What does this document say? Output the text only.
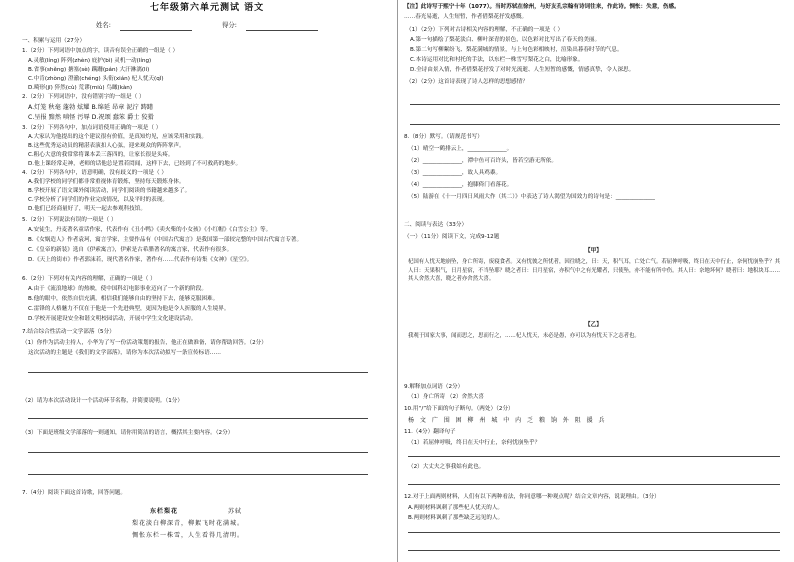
七年级第六单元测试 语文
姓名:	得分:
一、积累与运用（27分）
1.（2分）下列词语中加点的字，读音有误全正确的一组是（ ）
A.灵敏(líng) 阵列(zhèn) 庇护(bì) 灵机一动(líng)
B.省事(shěng) 搪塞(sè) 蹒跚(pán) 大汗淋漓(lí)
C.中肯(zhòng) 澄澈(chéng) 头衔(xián) 杞人忧天(qǐ)
D.畸形(jī) 猝然(cù) 荒谬(miù) 鸟瞰(kàn)
2.（2分）下列词语中，没有错别字的一组是（ ）
A.灯笼 秋毫 蓬勃 炫耀 B.绵延 昂章 泥泞 踌躇
C.呈报 黯然 嗔怪 污辱 D.祝颂 蠢笨 爵士 狡猾
3.（2分）下列各句中，加点词语使用正确的一项是（ ）
A.大家认为他提出的这个建议很有价值，是真知灼见，应该采用和实践。
B.这些优秀运动员的精湛表演扣人心弦，迎来观众的阵阵掌声。
C.粗心大意的我常常将课本丢三落四的，让家长很是头疼。
D.他上课经常走神，老师的话他总是置若罔闻，这样下去，已经到了不可救药的地步。
4.（2分）下列各句中，语意明确，没有歧义的一项是（ ）
A.我们学校的同学们都非常重视体育锻炼，坚持每天锻炼身体。
B.学校开展了语文课外阅读活动，同学们阅读的书籍越来越多了。
C.学校分析了同学们的作业完成情况，以及平时的表现。
D.他们已经商量好了，明天一起去参观科技馆。
5.（2分）下列说法有误的一项是（ ）
A.安徒生，丹麦著名童话作家，代表作有《丑小鸭》《卖火柴的小女孩》《小红帽》《白雪公主》等。
B.《女娲造人》作者袁珂，寓言学家，主要作品有《中国古代寓言》是我国第一部较完整的中国古代寓言专著。
C.《皇帝的新装》选自《伊索寓言》，伊索是古希腊著名的寓言家，代表作有很多。
D.《天上的街市》作者郭沫若，现代著名作家，著作有……代表作有诗集《女神》《星空》。
6.（2分）下列对有关内容的理解，正确的一项是（ ）
A.由于《流浪地球》的热映，使中国科幻电影事业迈向了一个新的阶段。
B.他的眼中，依然自信充满，相信我们能够自由的坚持下去，能够克服困难。
C.雷锋的人格魅力不仅在于他是一个先进典型，更因为他是令人折服的人生境界。
D.学校开展建设安全和谐文明校园活动，开展中学生文化建设活动。
7.结合综合性活动一文学部落（5分）
（1）你作为活动主持人，小华为了写一份活动策划的报告，他正在做准备，请你帮助回答。（2分）
这次活动的主题是《我们的文学部落》，请你为本次活动拟写一条宣传标语……
（2）请为本次活动设计一个活动环节名称，并简要说明。（1分）
（3）下面是班级文学部落的一则通知，请你用简洁的语言，概括其主要内容。（2分）
7.（4分）阅读下面这首诗歌，回答问题。
东栏梨花	苏轼
梨花淡白柳深青，柳絮飞时花满城。
惆怅东栏一株雪，人生看得几清明。
【注】此诗写于熙宁十年（1077）。当时苏轼在徐州，与好友孔宗翰有诗词往来，作此诗。惆怅：失意，伤感。
……春光易逝，人生短暂，作者借梨花抒发感慨。
（1）（2分）下列对古诗相关内容的理解，不正确的一项是（ ）
A.第一句描绘了梨花淡白、柳叶深青的景色，以色彩对比写出了春天的美丽。
B.第二句写柳絮纷飞、梨花满城的情景，与上句色彩相映衬，渲染出暮春时节的气息。
C.本诗运用对比和衬托的手法，以东栏一株雪写梨花之白，比喻形象。
D.全诗由景入情，作者借梨花抒发了对时光流逝、人生短暂的感慨，情感真挚，令人深思。
（2）（2分）这首诗表现了诗人怎样的思想感情？
8.（8分）默写。（请规范书写）
（1）晴空一鹤排云上，______________。
（2）______________，潭中鱼可百许头，皆若空游无所依。
（3）______________，故人具鸡黍。
（4）______________，抱膝倚门看落花。
（5）陆游在《十一月四日风雨大作（其二）》中表达了诗人渴望为国效力的诗句是：______________
二、阅读与表达（33分）
（一）（11分）阅读下文，完成9-12题
【甲】
杞国有人忧天地崩坠，身亡所寄，废寝食者。又有忧彼之所忧者，因往晓之，曰：天，积气耳，亡处亡气。若屈伸呼吸，终日在天中行止，奈何忧崩坠乎？其人曰：天果积气，日月星宿，不当坠耶？晓之者曰：日月星宿，亦积气中之有光耀者，只使坠，亦不能有所中伤。其人曰：奈地坏何？晓者曰：地积块耳……其人舍然大喜，晓之者亦舍然大喜。
【乙】
我观于国家大事，闻而思之，思而行之，……杞人忧天，未必是愚，亦可以为有忧天下之志者也。
9.解释加点词语（2分）
（1）身亡所寄 （2）舍然大喜
10.用“/”给下面的句子断句。（两处）（2分）
杨 文 广 围 困 柳 州 城 中 内 乏 粮 饷 外 阻 援 兵
11.（4分）翻译句子
（1）若屈伸呼吸，终日在天中行止，奈何忧崩坠乎？
（2）大丈夫之事我姑有此也。
12.对于上面两则材料，人们有以下两种看法，你同意哪一种观点呢？结合文章内容，说说理由。（3分）
A.两则材料讽刺了那些杞人忧天的人。
B.两则材料讽刺了那些缺乏远见的人。
